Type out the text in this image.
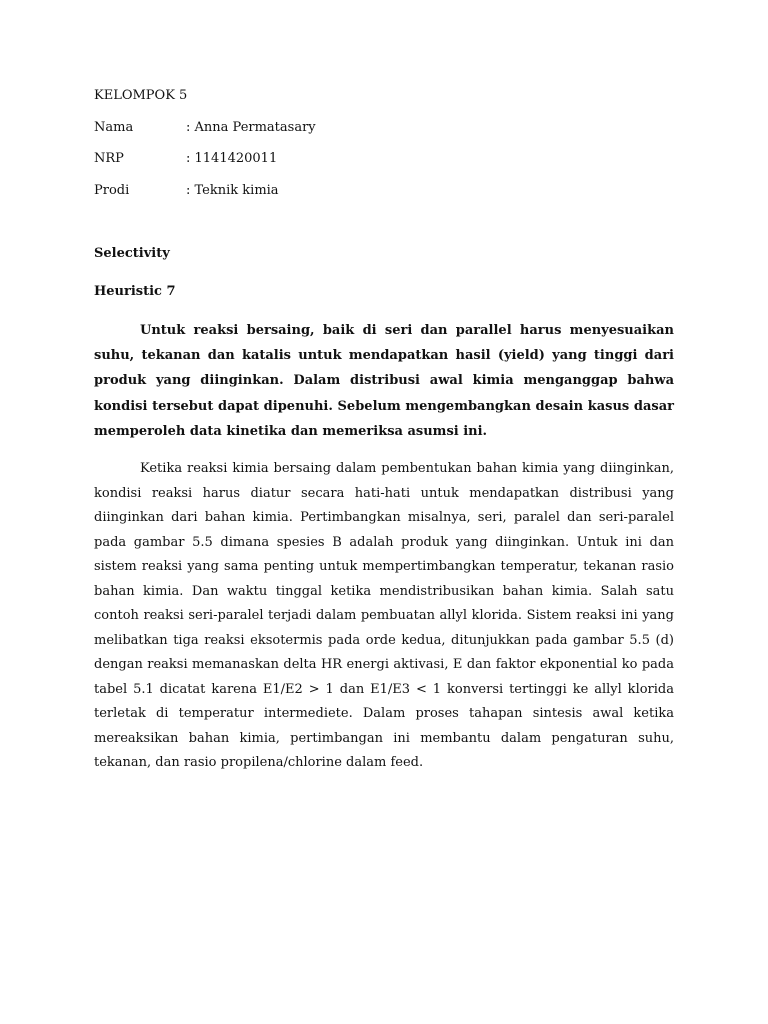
KELOMPOK 5
Nama	: Anna Permatasary
NRP	: 1141420011
Prodi	: Teknik kimia
Selectivity
Heuristic 7

Untuk reaksi bersaing, baik di seri dan parallel harus menyesuaikan suhu, tekanan dan katalis untuk mendapatkan hasil (yield) yang tinggi dari produk yang diinginkan. Dalam distribusi awal kimia menganggap bahwa kondisi tersebut dapat dipenuhi. Sebelum mengembangkan desain kasus dasar memperoleh data kinetika dan memeriksa asumsi ini.

Ketika reaksi kimia bersaing dalam pembentukan bahan kimia yang diinginkan, kondisi reaksi harus diatur secara hati-hati untuk mendapatkan distribusi yang diinginkan dari bahan kimia. Pertimbangkan misalnya, seri, paralel dan seri-paralel pada gambar 5.5 dimana spesies B adalah produk yang diinginkan. Untuk ini dan sistem reaksi yang sama penting untuk mempertimbangkan temperatur, tekanan rasio bahan kimia. Dan waktu tinggal ketika mendistribusikan bahan kimia. Salah satu contoh reaksi seri-paralel terjadi dalam pembuatan allyl klorida. Sistem reaksi ini yang melibatkan tiga reaksi eksotermis pada orde kedua, ditunjukkan pada gambar 5.5 (d) dengan reaksi memanaskan delta HR energi aktivasi, E dan faktor ekponential ko pada tabel 5.1 dicatat karena E1/E2 > 1 dan E1/E3 < 1 konversi tertinggi ke allyl klorida terletak di temperatur intermediete. Dalam proses tahapan sintesis awal ketika mereaksikan bahan kimia, pertimbangan ini membantu dalam pengaturan suhu, tekanan, dan rasio propilena/chlorine dalam feed.
